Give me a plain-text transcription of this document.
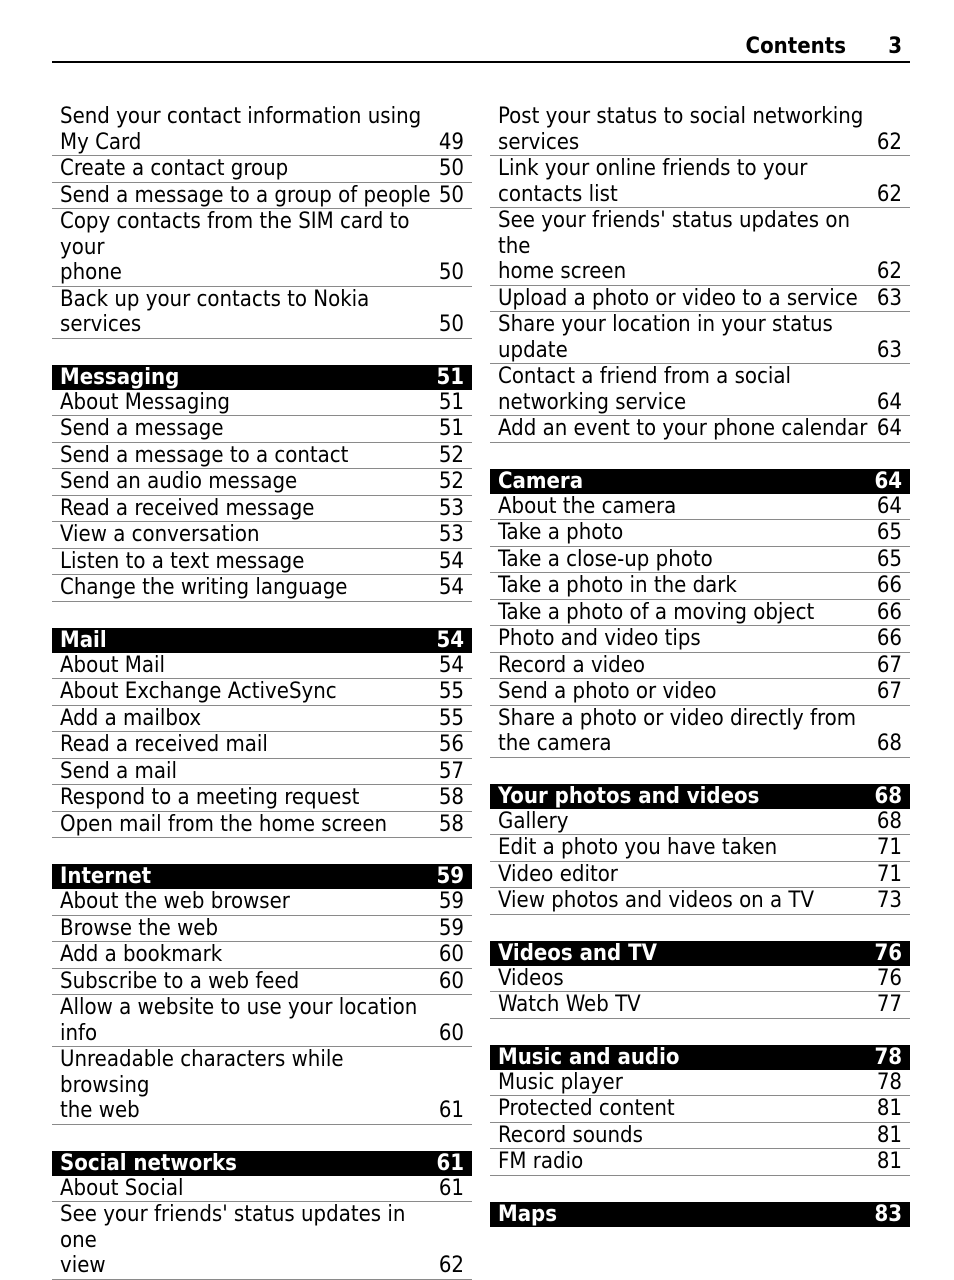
Contents 3
Send your contact information using
My Card	49
Create a contact group	50
Send a message to a group of people 50
Copy contacts from the SIM card to your
phone	50
Back up your contacts to Nokia
services	50
Messaging	51
About Messaging	51
Send a message	51
Send a message to a contact	52
Send an audio message	52
Read a received message	53
View a conversation	53
Listen to a text message	54
Change the writing language	54
Mail	54
About Mail	54
About Exchange ActiveSync	55
Add a mailbox	55
Read a received mail	56
Send a mail	57
Respond to a meeting request	58
Open mail from the home screen	58
Internet	59
About the web browser	59
Browse the web	59
Add a bookmark	60
Subscribe to a web feed	60
Allow a website to use your location
info	60
Unreadable characters while browsing
the web	61
Social networks	61
About Social	61
See your friends' status updates in one
view	62
Post your status to social networking
services	62
Link your online friends to your
contacts list	62
See your friends' status updates on the
home screen	62
Upload a photo or video to a service 63
Share your location in your status
update	63
Contact a friend from a social
networking service	64
Add an event to your phone calendar 64
Camera	64
About the camera	64
Take a photo	65
Take a close-up photo	65
Take a photo in the dark	66
Take a photo of a moving object	66
Photo and video tips	66
Record a video	67
Send a photo or video	67
Share a photo or video directly from
the camera	68
Your photos and videos	68
Gallery	68
Edit a photo you have taken	71
Video editor	71
View photos and videos on a TV	73
Videos and TV	76
Videos	76
Watch Web TV	77
Music and audio	78
Music player	78
Protected content	81
Record sounds	81
FM radio	81
Maps	83
